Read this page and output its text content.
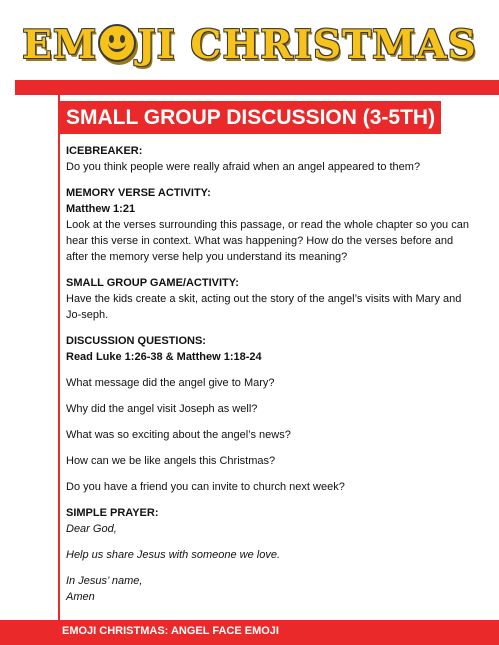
EM JI CHRISTMAS
SMALL GROUP DISCUSSION (3-5TH)

ICEBREAKER:

Do you think people were really afraid when an angel appeared to them?

MEMORY VERSE ACTIVITY:

Matthew 1:21

Look at the verses surrounding this passage, or read the whole chapter so you can hear this verse in context. What was happening? How do the verses before and after the memory verse help you understand its meaning?

SMALL GROUP GAME/ACTIVITY:

Have the kids create a skit, acting out the story of the angel’s visits with Mary and Jo-seph.

DISCUSSION QUESTIONS:

Read Luke 1:26-38 & Matthew 1:18-24

What message did the angel give to Mary?

Why did the angel visit Joseph as well?

What was so exciting about the angel’s news?

How can we be like angels this Christmas?

Do you have a friend you can invite to church next week?

SIMPLE PRAYER:

Dear God,

Help us share Jesus with someone we love.

In Jesus’ name,

Amen

EMOJI CHRISTMAS: ANGEL FACE EMOJI
